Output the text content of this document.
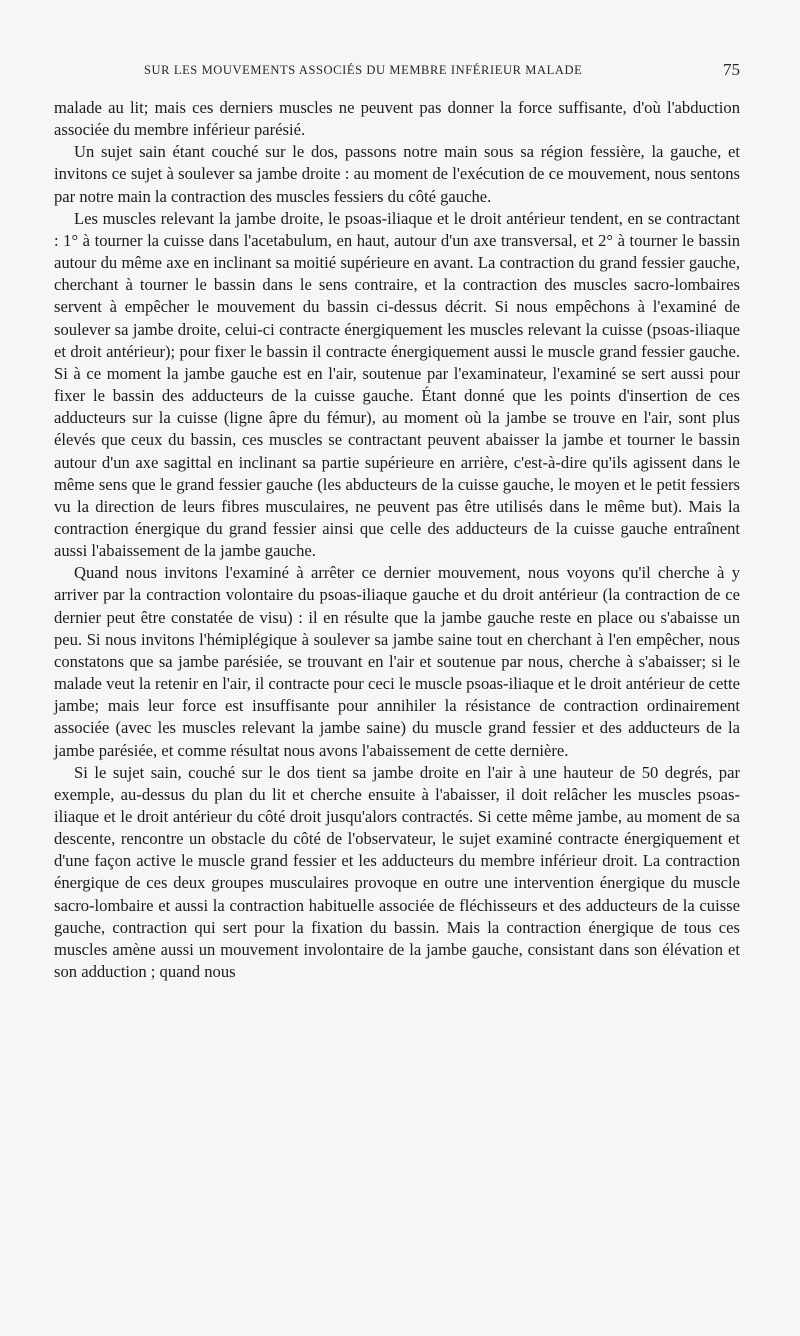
SUR LES MOUVEMENTS ASSOCIÉS DU MEMBRE INFÉRIEUR MALADE	75

malade au lit; mais ces derniers muscles ne peuvent pas donner la force suffisante, d'où l'abduction associée du membre inférieur parésié.

Un sujet sain étant couché sur le dos, passons notre main sous sa région fessière, la gauche, et invitons ce sujet à soulever sa jambe droite : au moment de l'exécution de ce mouvement, nous sentons par notre main la contraction des muscles fessiers du côté gauche.

Les muscles relevant la jambe droite, le psoas-iliaque et le droit antérieur tendent, en se contractant : 1° à tourner la cuisse dans l'acetabulum, en haut, autour d'un axe transversal, et 2° à tourner le bassin autour du même axe en inclinant sa moitié supérieure en avant. La contraction du grand fessier gauche, cherchant à tourner le bassin dans le sens contraire, et la contraction des muscles sacro-lombaires servent à empêcher le mouvement du bassin ci-dessus décrit. Si nous empêchons à l'examiné de soulever sa jambe droite, celui-ci contracte énergiquement les muscles relevant la cuisse (psoas-iliaque et droit antérieur); pour fixer le bassin il contracte énergiquement aussi le muscle grand fessier gauche. Si à ce moment la jambe gauche est en l'air, soutenue par l'examinateur, l'examiné se sert aussi pour fixer le bassin des adducteurs de la cuisse gauche. Étant donné que les points d'insertion de ces adducteurs sur la cuisse (ligne âpre du fémur), au moment où la jambe se trouve en l'air, sont plus élevés que ceux du bassin, ces muscles se contractant peuvent abaisser la jambe et tourner le bassin autour d'un axe sagittal en inclinant sa partie supérieure en arrière, c'est-à-dire qu'ils agissent dans le même sens que le grand fessier gauche (les abducteurs de la cuisse gauche, le moyen et le petit fessiers vu la direction de leurs fibres musculaires, ne peuvent pas être utilisés dans le même but). Mais la contraction énergique du grand fessier ainsi que celle des adducteurs de la cuisse gauche entraînent aussi l'abaissement de la jambe gauche.

Quand nous invitons l'examiné à arrêter ce dernier mouvement, nous voyons qu'il cherche à y arriver par la contraction volontaire du psoas-iliaque gauche et du droit antérieur (la contraction de ce dernier peut être constatée de visu) : il en résulte que la jambe gauche reste en place ou s'abaisse un peu. Si nous invitons l'hémiplégique à soulever sa jambe saine tout en cherchant à l'en empêcher, nous constatons que sa jambe parésiée, se trouvant en l'air et soutenue par nous, cherche à s'abaisser; si le malade veut la retenir en l'air, il contracte pour ceci le muscle psoas-iliaque et le droit antérieur de cette jambe; mais leur force est insuffisante pour annihiler la résistance de contraction ordinairement associée (avec les muscles relevant la jambe saine) du muscle grand fessier et des adducteurs de la jambe parésiée, et comme résultat nous avons l'abaissement de cette dernière.

Si le sujet sain, couché sur le dos tient sa jambe droite en l'air à une hauteur de 50 degrés, par exemple, au-dessus du plan du lit et cherche ensuite à l'abaisser, il doit relâcher les muscles psoas-iliaque et le droit antérieur du côté droit jusqu'alors contractés. Si cette même jambe, au moment de sa descente, rencontre un obstacle du côté de l'observateur, le sujet examiné contracte énergiquement et d'une façon active le muscle grand fessier et les adducteurs du membre inférieur droit. La contraction énergique de ces deux groupes musculaires provoque en outre une intervention énergique du muscle sacro-lombaire et aussi la contraction habituelle associée de fléchisseurs et des adducteurs de la cuisse gauche, contraction qui sert pour la fixation du bassin. Mais la contraction énergique de tous ces muscles amène aussi un mouvement involontaire de la jambe gauche, consistant dans son élévation et son adduction ; quand nous
